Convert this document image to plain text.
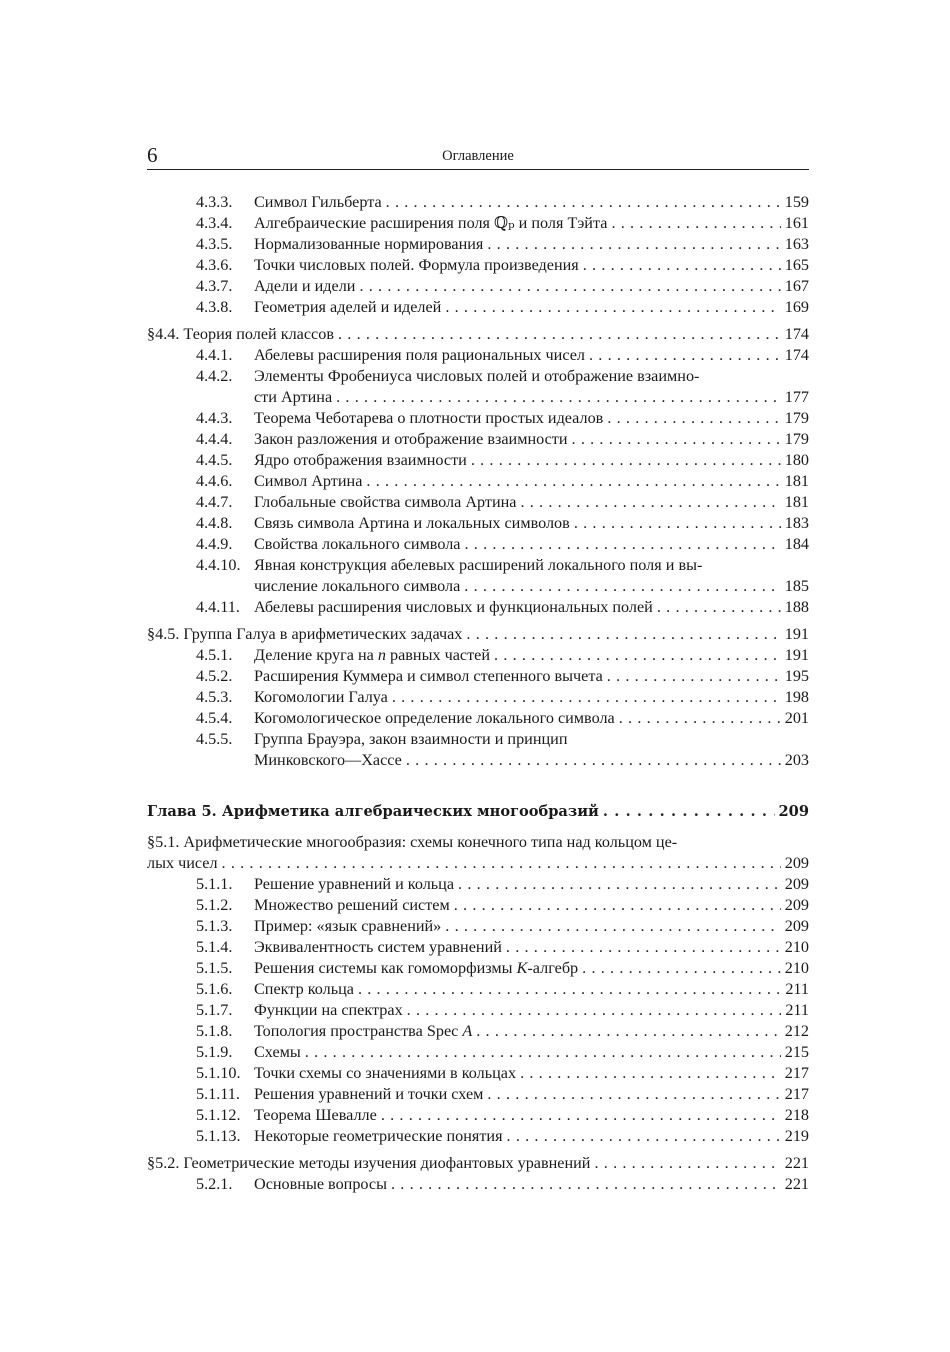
6	Оглавление
4.3.3. Символ Гильберта . . .	159
4.3.4. Алгебраические расширения поля ℚₚ и поля Тэйта . . .	161
4.3.5. Нормализованные нормирования . . .	163
4.3.6. Точки числовых полей. Формула произведения . . .	165
4.3.7. Адели и идели . . .	167
4.3.8. Геометрия аделей и иделей . . .	169
§4.4. Теория полей классов . . .	174
4.4.1. Абелевы расширения поля рациональных чисел . . .	174
4.4.2. Элементы Фробениуса числовых полей и отображение взаимно-
сти Артина . . .	177
4.4.3. Теорема Чеботарева о плотности простых идеалов . . .	179
4.4.4. Закон разложения и отображение взаимности . . .	179
4.4.5. Ядро отображения взаимности . . .	180
4.4.6. Символ Артина . . .	181
4.4.7. Глобальные свойства символа Артина . . .	181
4.4.8. Связь символа Артина и локальных символов . . .	183
4.4.9. Свойства локального символа . . .	184
4.4.10. Явная конструкция абелевых расширений локального поля и вы-
числение локального символа . . .	185
4.4.11. Абелевы расширения числовых и функциональных полей . . .	188
§4.5. Группа Галуа в арифметических задачах . . .	191
4.5.1. Деление круга на n равных частей . . .	191
4.5.2. Расширения Куммера и символ степенного вычета . . .	195
4.5.3. Когомологии Галуа . . .	198
4.5.4. Когомологическое определение локального символа . . .	201
4.5.5. Группа Брауэра, закон взаимности и принцип
Минковского—Хассе . . .	203
Глава 5. Арифметика алгебраических многообразий . . .	209
§5.1. Арифметические многообразия: схемы конечного типа над кольцом це-
лых чисел . . .	209
5.1.1. Решение уравнений и кольца . . .	209
5.1.2. Множество решений систем . . .	209
5.1.3. Пример: «язык сравнений» . . .	209
5.1.4. Эквивалентность систем уравнений . . .	210
5.1.5. Решения системы как гомоморфизмы K-алгебр . . .	210
5.1.6. Спектр кольца . . .	211
5.1.7. Функции на спектрах . . .	211
5.1.8. Топология пространства Spec A . . .	212
5.1.9. Схемы . . .	215
5.1.10. Точки схемы со значениями в кольцах . . .	217
5.1.11. Решения уравнений и точки схем . . .	217
5.1.12. Теорема Шевалле . . .	218
5.1.13. Некоторые геометрические понятия . . .	219
§5.2. Геометрические методы изучения диофантовых уравнений . . .	221
5.2.1. Основные вопросы . . .	221
